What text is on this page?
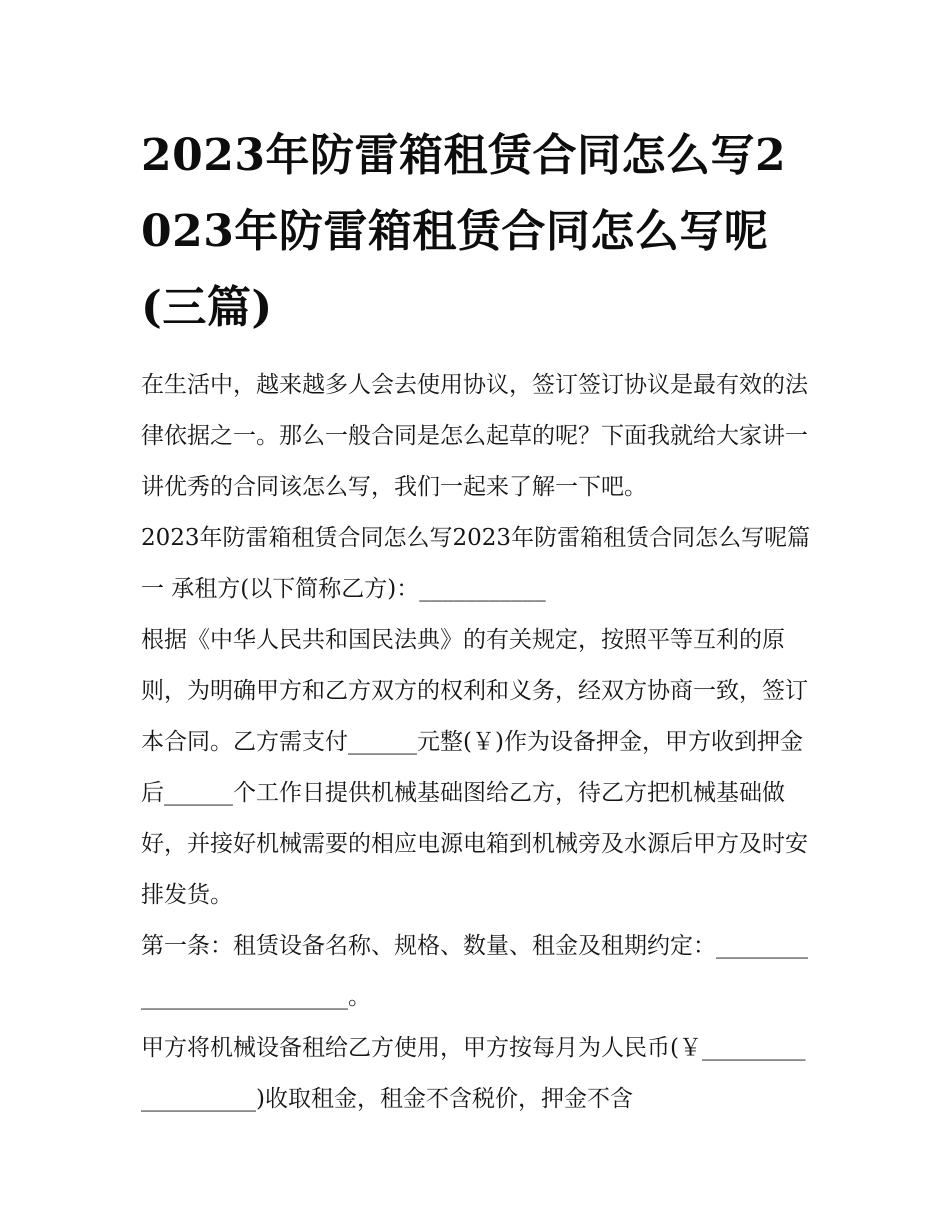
2023年防雷箱租赁合同怎么写2023年防雷箱租赁合同怎么写呢(三篇)

在生活中，越来越多人会去使用协议，签订签订协议是最有效的法律依据之一。那么一般合同是怎么起草的呢？下面我就给大家讲一讲优秀的合同该怎么写，我们一起来了解一下吧。

2023年防雷箱租赁合同怎么写2023年防雷箱租赁合同怎么写呢篇一 承租方(以下简称乙方)：___________

根据《中华人民共和国民法典》的有关规定，按照平等互利的原则，为明确甲方和乙方双方的权利和义务，经双方协商一致，签订本合同。乙方需支付______元整(￥)作为设备押金，甲方收到押金后______个工作日提供机械基础图给乙方，待乙方把机械基础做好，并接好机械需要的相应电源电箱到机械旁及水源后甲方及时安排发货。

第一条：租赁设备名称、规格、数量、租金及租期约定：__________________________。

甲方将机械设备租给乙方使用，甲方按每月为人民币(￥___________________)收取租金，租金不含税价，押金不含
